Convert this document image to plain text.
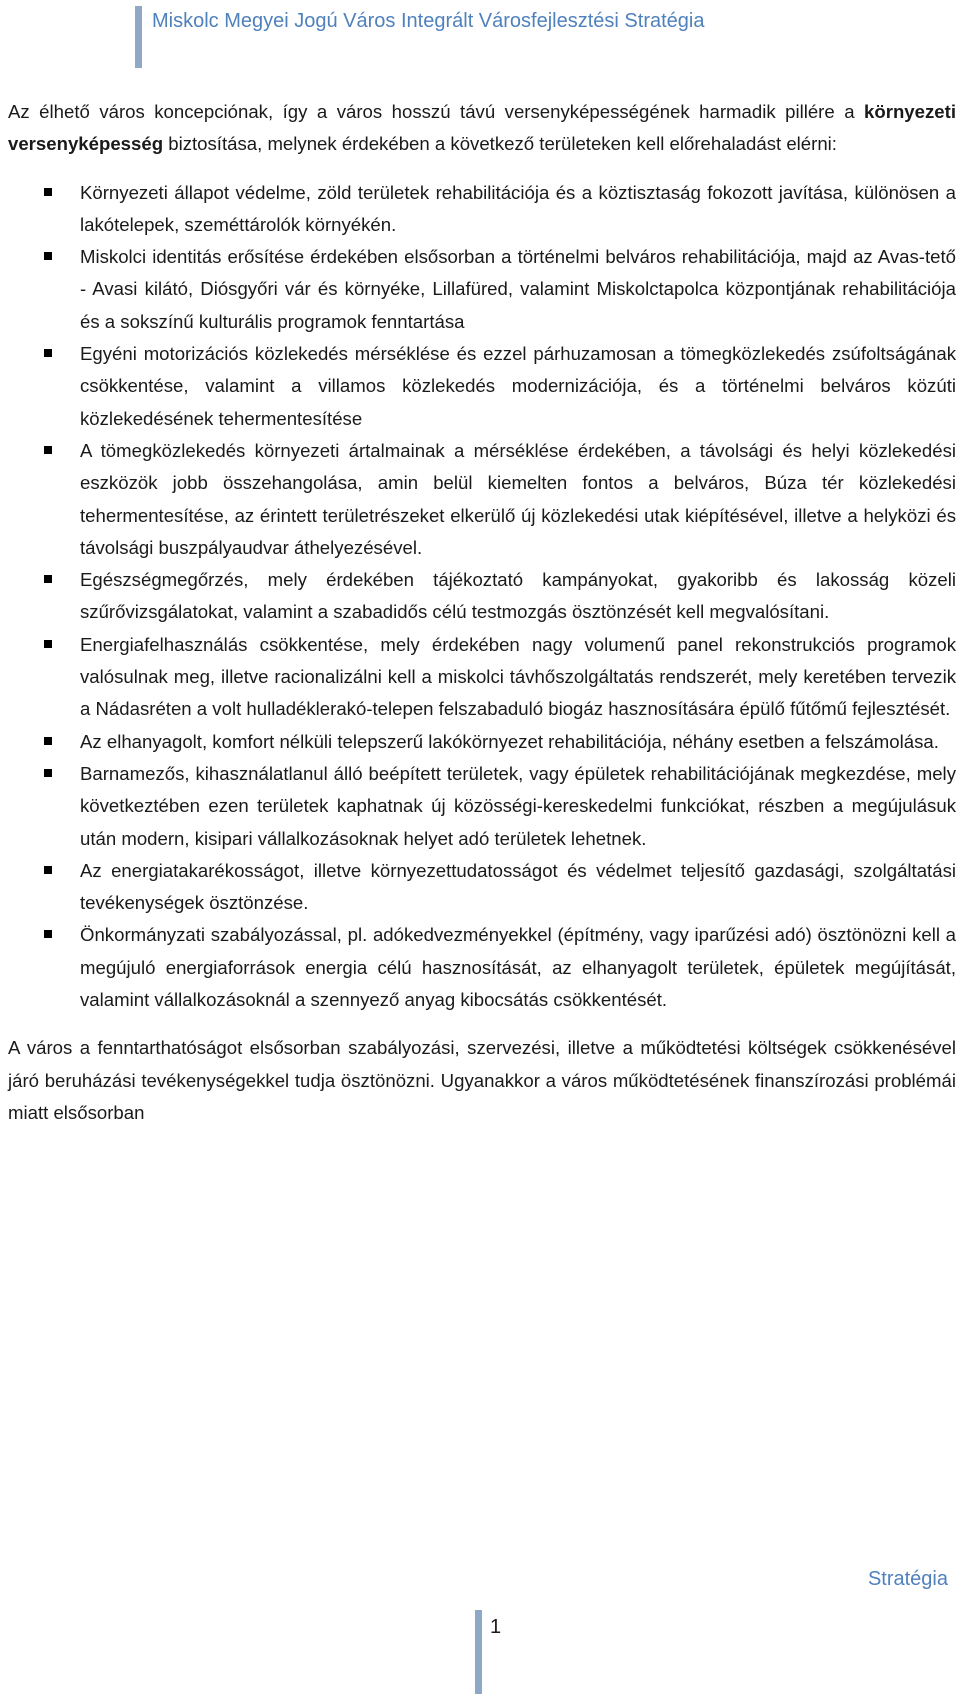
Miskolc Megyei Jogú Város Integrált Városfejlesztési Stratégia

Az élhető város koncepciónak, így a város hosszú távú versenyképességének harmadik pillére a környezeti versenyképesség biztosítása, melynek érdekében a következő területeken kell előrehaladást elérni:

Környezeti állapot védelme, zöld területek rehabilitációja és a köztisztaság fokozott javítása, különösen a lakótelepek, szeméttárolók környékén.
Miskolci identitás erősítése érdekében elsősorban a történelmi belváros rehabilitációja, majd az Avas-tető - Avasi kilátó, Diósgyőri vár és környéke, Lillafüred, valamint Miskolctapolca központjának rehabilitációja és a sokszínű kulturális programok fenntartása
Egyéni motorizációs közlekedés mérséklése és ezzel párhuzamosan a tömegközlekedés zsúfoltságának csökkentése, valamint a villamos közlekedés modernizációja, és a történelmi belváros közúti közlekedésének tehermentesítése
A tömegközlekedés környezeti ártalmainak a mérséklése érdekében, a távolsági és helyi közlekedési eszközök jobb összehangolása, amin belül kiemelten fontos a belváros, Búza tér közlekedési tehermentesítése, az érintett területrészeket elkerülő új közlekedési utak kiépítésével, illetve a helyközi és távolsági buszpályaudvar áthelyezésével.
Egészségmegőrzés, mely érdekében tájékoztató kampányokat, gyakoribb és lakosság közeli szűrővizsgálatokat, valamint a szabadidős célú testmozgás ösztönzését kell megvalósítani.
Energiafelhasználás csökkentése, mely érdekében nagy volumenű panel rekonstrukciós programok valósulnak meg, illetve racionalizálni kell a miskolci távhőszolgáltatás rendszerét, mely keretében tervezik a Nádasréten a volt hulladéklerakó-telepen felszabaduló biogáz hasznosítására épülő fűtőmű fejlesztését.
Az elhanyagolt, komfort nélküli telepszerű lakókörnyezet rehabilitációja, néhány esetben a felszámolása.
Barnamezős, kihasználatlanul álló beépített területek, vagy épületek rehabilitációjának megkezdése, mely következtében ezen területek kaphatnak új közösségi-kereskedelmi funkciókat, részben a megújulásuk után modern, kisipari vállalkozásoknak helyet adó területek lehetnek.
Az energiatakarékosságot, illetve környezettudatosságot és védelmet teljesítő gazdasági, szolgáltatási tevékenységek ösztönzése.
Önkormányzati szabályozással, pl. adókedvezményekkel (építmény, vagy iparűzési adó) ösztönözni kell a megújuló energiaforrások energia célú hasznosítását, az elhanyagolt területek, épületek megújítását, valamint vállalkozásoknál a szennyező anyag kibocsátás csökkentését.

A város a fenntarthatóságot elsősorban szabályozási, szervezési, illetve a működtetési költségek csökkenésével járó beruházási tevékenységekkel tudja ösztönözni. Ugyanakkor a város működtetésének finanszírozási problémái miatt elsősorban

Stratégia
1
